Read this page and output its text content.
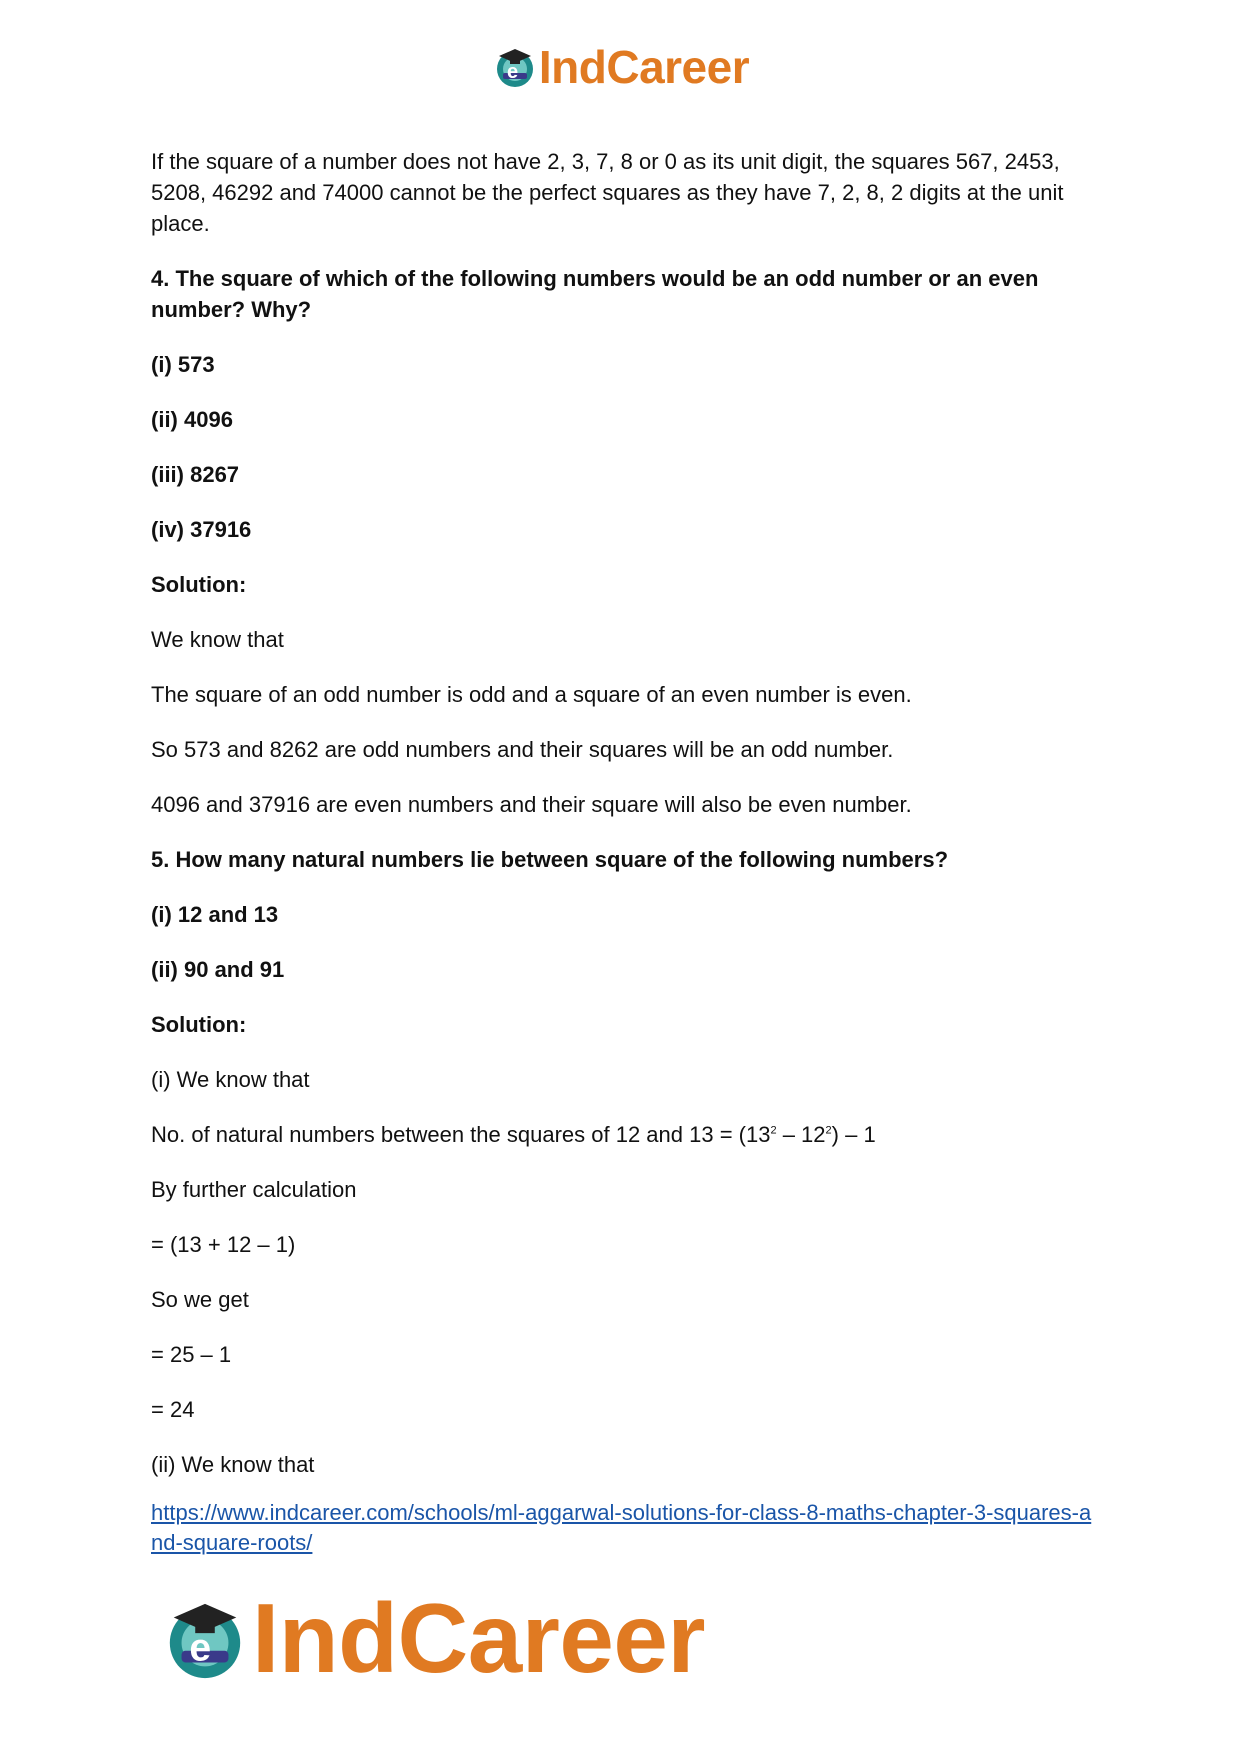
e IndCareer

If the square of a number does not have 2, 3, 7, 8 or 0 as its unit digit, the squares 567, 2453, 5208, 46292 and 74000 cannot be the perfect squares as they have 7, 2, 8, 2 digits at the unit place.

4. The square of which of the following numbers would be an odd number or an even number? Why?

(i) 573

(ii) 4096

(iii) 8267

(iv) 37916

Solution:

We know that

The square of an odd number is odd and a square of an even number is even.

So 573 and 8262 are odd numbers and their squares will be an odd number.

4096 and 37916 are even numbers and their square will also be even number.

5. How many natural numbers lie between square of the following numbers?

(i) 12 and 13

(ii) 90 and 91

Solution:

(i) We know that

No. of natural numbers between the squares of 12 and $13 = (13^2 - 12^2) - 1$

By further calculation

= (13 + 12 – 1)

So we get

= 25 – 1

= 24

(ii) We know that

https://www.indcareer.com/schools/ml-aggarwal-solutions-for-class-8-maths-chapter-3-squares-and-square-roots/
e IndCareer
